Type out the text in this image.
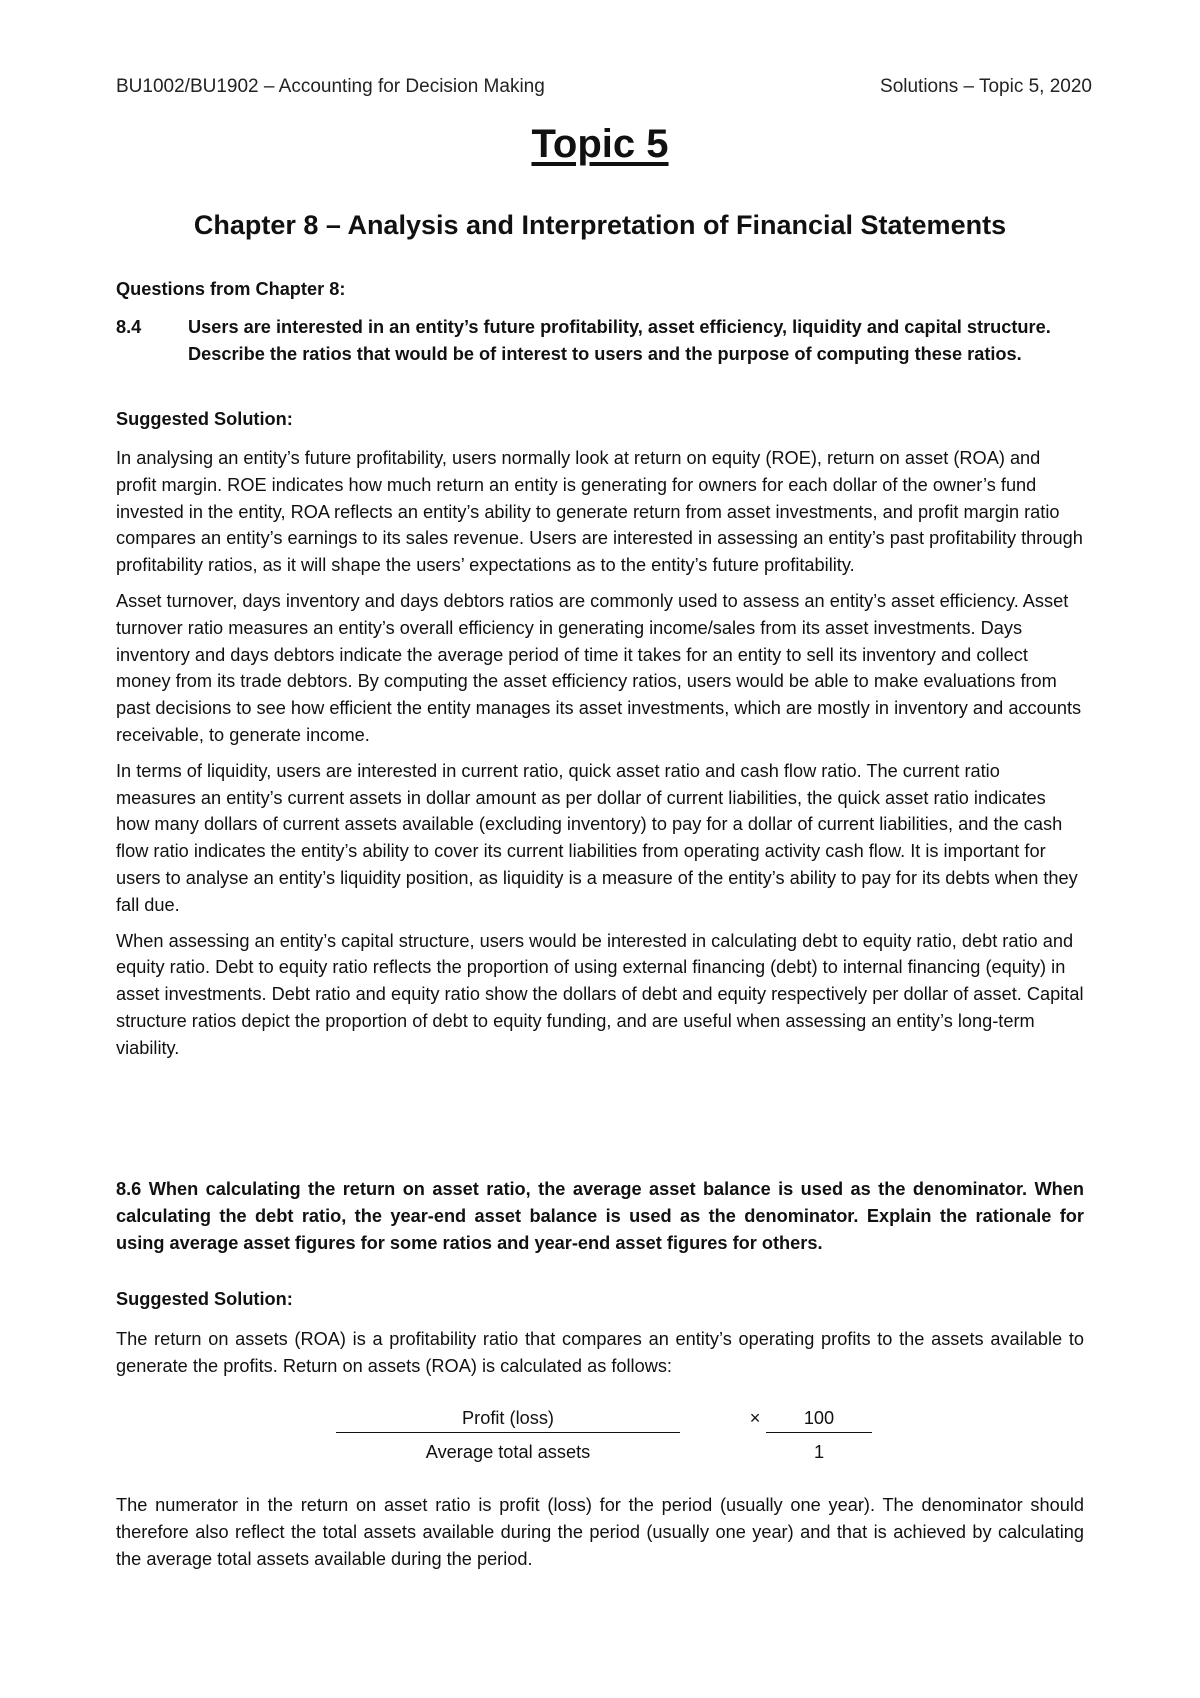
BU1002/BU1902 – Accounting for Decision Making	Solutions – Topic 5, 2020
Topic 5
Chapter 8 – Analysis and Interpretation of Financial Statements
Questions from Chapter 8:
8.4	Users are interested in an entity’s future profitability, asset efficiency, liquidity and capital structure. Describe the ratios that would be of interest to users and the purpose of computing these ratios.
Suggested Solution:

In analysing an entity’s future profitability, users normally look at return on equity (ROE), return on asset (ROA) and profit margin. ROE indicates how much return an entity is generating for owners for each dollar of the owner’s fund invested in the entity, ROA reflects an entity’s ability to generate return from asset investments, and profit margin ratio compares an entity’s earnings to its sales revenue. Users are interested in assessing an entity’s past profitability through profitability ratios, as it will shape the users’ expectations as to the entity’s future profitability.

Asset turnover, days inventory and days debtors ratios are commonly used to assess an entity’s asset efficiency. Asset turnover ratio measures an entity’s overall efficiency in generating income/sales from its asset investments. Days inventory and days debtors indicate the average period of time it takes for an entity to sell its inventory and collect money from its trade debtors. By computing the asset efficiency ratios, users would be able to make evaluations from past decisions to see how efficient the entity manages its asset investments, which are mostly in inventory and accounts receivable, to generate income.

In terms of liquidity, users are interested in current ratio, quick asset ratio and cash flow ratio. The current ratio measures an entity’s current assets in dollar amount as per dollar of current liabilities, the quick asset ratio indicates how many dollars of current assets available (excluding inventory) to pay for a dollar of current liabilities, and the cash flow ratio indicates the entity’s ability to cover its current liabilities from operating activity cash flow. It is important for users to analyse an entity’s liquidity position, as liquidity is a measure of the entity’s ability to pay for its debts when they fall due.

When assessing an entity’s capital structure, users would be interested in calculating debt to equity ratio, debt ratio and equity ratio. Debt to equity ratio reflects the proportion of using external financing (debt) to internal financing (equity) in asset investments. Debt ratio and equity ratio show the dollars of debt and equity respectively per dollar of asset. Capital structure ratios depict the proportion of debt to equity funding, and are useful when assessing an entity’s long-term viability.

8.6 When calculating the return on asset ratio, the average asset balance is used as the denominator. When calculating the debt ratio, the year-end asset balance is used as the denominator. Explain the rationale for using average asset figures for some ratios and year-end asset figures for others.
Suggested Solution:
The return on assets (ROA) is a profitability ratio that compares an entity’s operating profits to the assets available to generate the profits. Return on assets (ROA) is calculated as follows:
Profit (loss)
Average total assets
×	100
1
The numerator in the return on asset ratio is profit (loss) for the period (usually one year). The denominator should therefore also reflect the total assets available during the period (usually one year) and that is achieved by calculating the average total assets available during the period.
